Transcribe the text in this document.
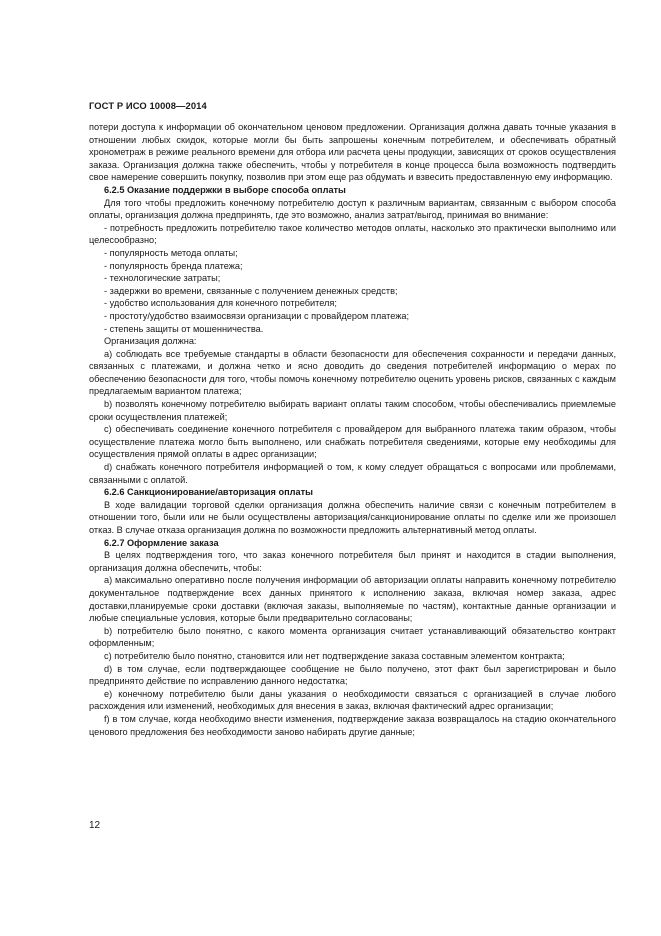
ГОСТ Р ИСО 10008—2014

потери доступа к информации об окончательном ценовом предложении. Организация должна давать точные указания в отношении любых скидок, которые могли бы быть запрошены конечным потребителем, и обеспечивать обратный хронометраж в режиме реального времени для отбора или расчета цены продукции, зависящих от сроков осуществления заказа. Организация должна также обеспечить, чтобы у потребителя в конце процесса была возможность подтвердить свое намерение совершить покупку, позволив при этом еще раз обдумать и взвесить предоставленную ему информацию.

6.2.5 Оказание поддержки в выборе способа оплаты

Для того чтобы предложить конечному потребителю доступ к различным вариантам, связанным с выбором способа оплаты, организация должна предпринять, где это возможно, анализ затрат/выгод, принимая во внимание:

- потребность предложить потребителю такое количество методов оплаты, насколько это практически выполнимо или целесообразно;

- популярность метода оплаты;

- популярность бренда платежа;

- технологические затраты;

- задержки во времени, связанные с получением денежных средств;

- удобство использования для конечного потребителя;

- простоту/удобство взаимосвязи организации с провайдером платежа;

- степень защиты от мошенничества.

Организация должна:

a) соблюдать все требуемые стандарты в области безопасности для обеспечения сохранности и передачи данных, связанных с платежами, и должна четко и ясно доводить до сведения потребителей информацию о мерах по обеспечению безопасности для того, чтобы помочь конечному потребителю оценить уровень рисков, связанных с каждым предлагаемым вариантом платежа;

b) позволять конечному потребителю выбирать вариант оплаты таким способом, чтобы обеспечивались приемлемые сроки осуществления платежей;

c) обеспечивать соединение конечного потребителя с провайдером для выбранного платежа таким образом, чтобы осуществление платежа могло быть выполнено, или снабжать потребителя сведениями, которые ему необходимы для осуществления прямой оплаты в адрес организации;

d) снабжать конечного потребителя информацией о том, к кому следует обращаться с вопросами или проблемами, связанными с оплатой.

6.2.6 Санкционирование/авторизация оплаты

В ходе валидации торговой сделки организация должна обеспечить наличие связи с конечным потребителем в отношении того, были или не были осуществлены авторизация/санкционирование оплаты по сделке или же произошел отказ. В случае отказа организация должна по возможности предложить альтернативный метод оплаты.

6.2.7 Оформление заказа

В целях подтверждения того, что заказ конечного потребителя был принят и находится в стадии выполнения, организация должна обеспечить, чтобы:

a) максимально оперативно после получения информации об авторизации оплаты направить конечному потребителю документальное подтверждение всех данных принятого к исполнению заказа, включая номер заказа, адрес доставки,планируемые сроки доставки (включая заказы, выполняемые по частям), контактные данные организации и любые специальные условия, которые были предварительно согласованы;

b) потребителю было понятно, с какого момента организация считает устанавливающий обязательство контракт оформленным;

c) потребителю было понятно, становится или нет подтверждение заказа составным элементом контракта;

d) в том случае, если подтверждающее сообщение не было получено, этот факт был зарегистрирован и было предпринято действие по исправлению данного недостатка;

e) конечному потребителю были даны указания о необходимости связаться с организацией в случае любого расхождения или изменений, необходимых для внесения в заказ, включая фактический адрес организации;

f) в том случае, когда необходимо внести изменения, подтверждение заказа возвращалось на стадию окончательного ценового предложения без необходимости заново набирать другие данные;

12
